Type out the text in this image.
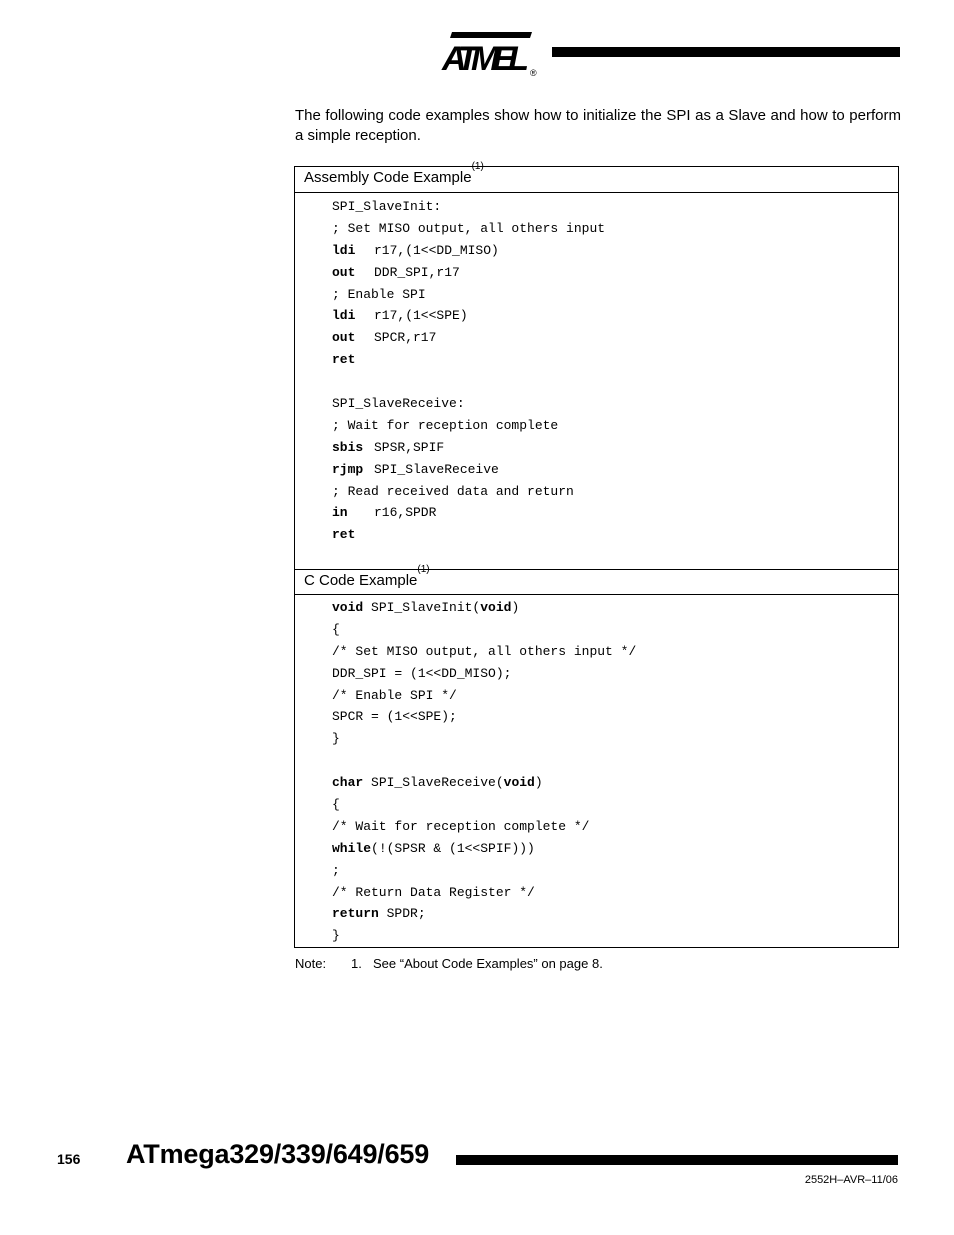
ATMEL ®
The following code examples show how to initialize the SPI as a Slave and how to perform a simple reception.
Assembly Code Example
$^{(1)}$
SPI_SlaveInit:
; Set MISO output, all others input
ldi	r17,(1<<DD_MISO)
out	DDR_SPI,r17
; Enable SPI
ldi	r17,(1<<SPE)
out	SPCR,r17
ret
SPI_SlaveReceive:
; Wait for reception complete
sbis SPSR,SPIF
rjmp SPI_SlaveReceive
; Read received data and return
in	r16,SPDR
ret
C Code Example
$^{(1)}$
void SPI_SlaveInit( void )
{
/* Set MISO output, all others input */
DDR_SPI = (1<<DD_MISO);
/* Enable SPI */
SPCR = (1<<SPE);
}
char SPI_SlaveReceive( void )
{
/* Wait for reception complete */
while (!(SPSR & (1<<SPIF)))
;
/* Return Data Register */
return SPDR;
}
Note:	1. See “About Code Examples” on page 8.
156 ATmega329/339/649/659
2552H–AVR–11/06
